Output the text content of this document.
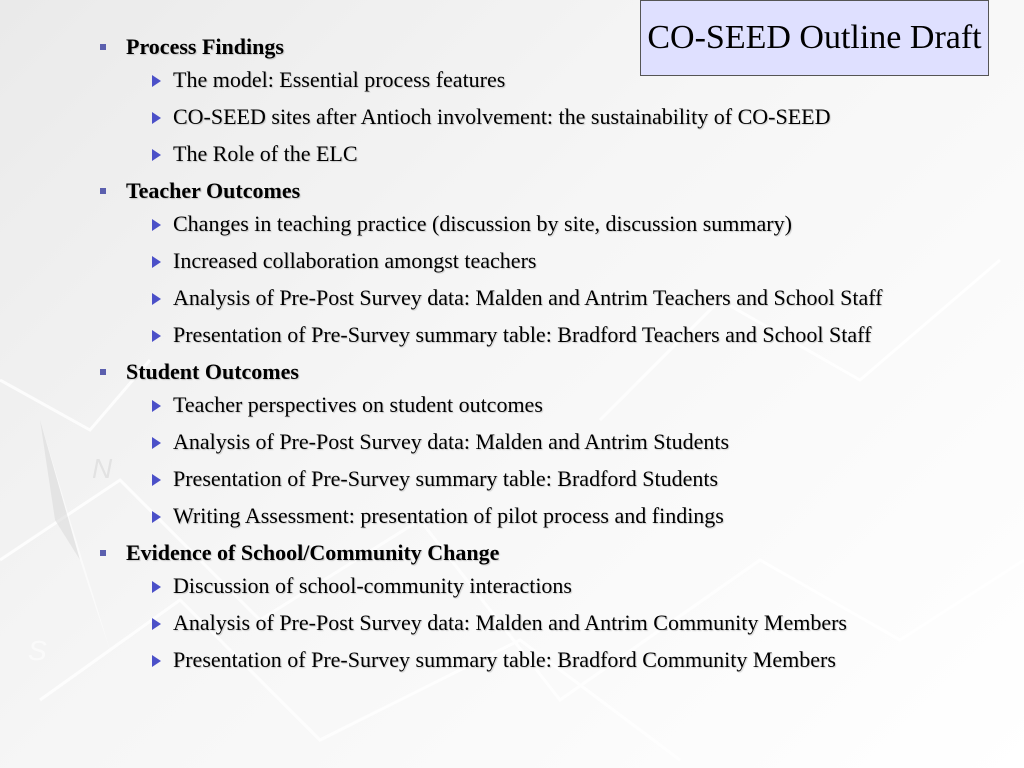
N
S
CO-SEED Outline Draft
Process Findings
The model: Essential process features
CO-SEED sites after Antioch involvement: the sustainability of CO-SEED
The Role of the ELC
Teacher Outcomes
Changes in teaching practice (discussion by site, discussion summary)
Increased collaboration amongst teachers
Analysis of Pre-Post Survey data: Malden and Antrim Teachers and School Staff
Presentation of Pre-Survey summary table: Bradford Teachers and School Staff
Student Outcomes
Teacher perspectives on student outcomes
Analysis of Pre-Post Survey data: Malden and Antrim Students
Presentation of Pre-Survey summary table: Bradford Students
Writing Assessment: presentation of pilot process and findings
Evidence of School/Community Change
Discussion of school-community interactions
Analysis of Pre-Post Survey data: Malden and Antrim Community Members
Presentation of Pre-Survey summary table: Bradford Community Members
